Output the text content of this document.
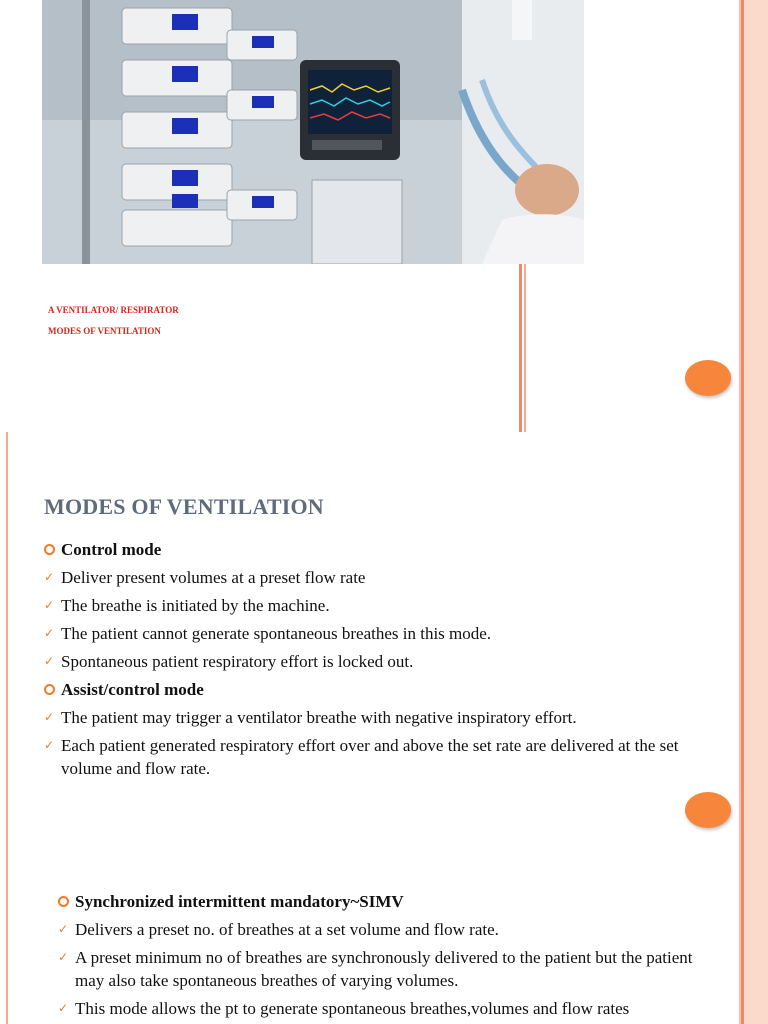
A VENTILATOR/ RESPIRATOR
MODES OF VENTILATION
MODES OF VENTILATION
Control mode
✓ Deliver present volumes at a preset flow rate
✓ The breathe is initiated by the machine.
✓ The patient cannot generate spontaneous breathes in this mode.
✓ Spontaneous patient respiratory effort is locked out.
Assist/control mode
✓ The patient may trigger a ventilator breathe with negative inspiratory effort.
✓ Each patient generated respiratory effort over and above the set rate are delivered at the set volume and flow rate.
Synchronized intermittent mandatory~SIMV
✓ Delivers a preset no. of breathes at a set volume and flow rate.
✓ A preset minimum no of breathes are synchronously delivered to the patient but the patient may also take spontaneous breathes of varying volumes.
✓ This mode allows the pt to generate spontaneous breathes,volumes and flow rates
